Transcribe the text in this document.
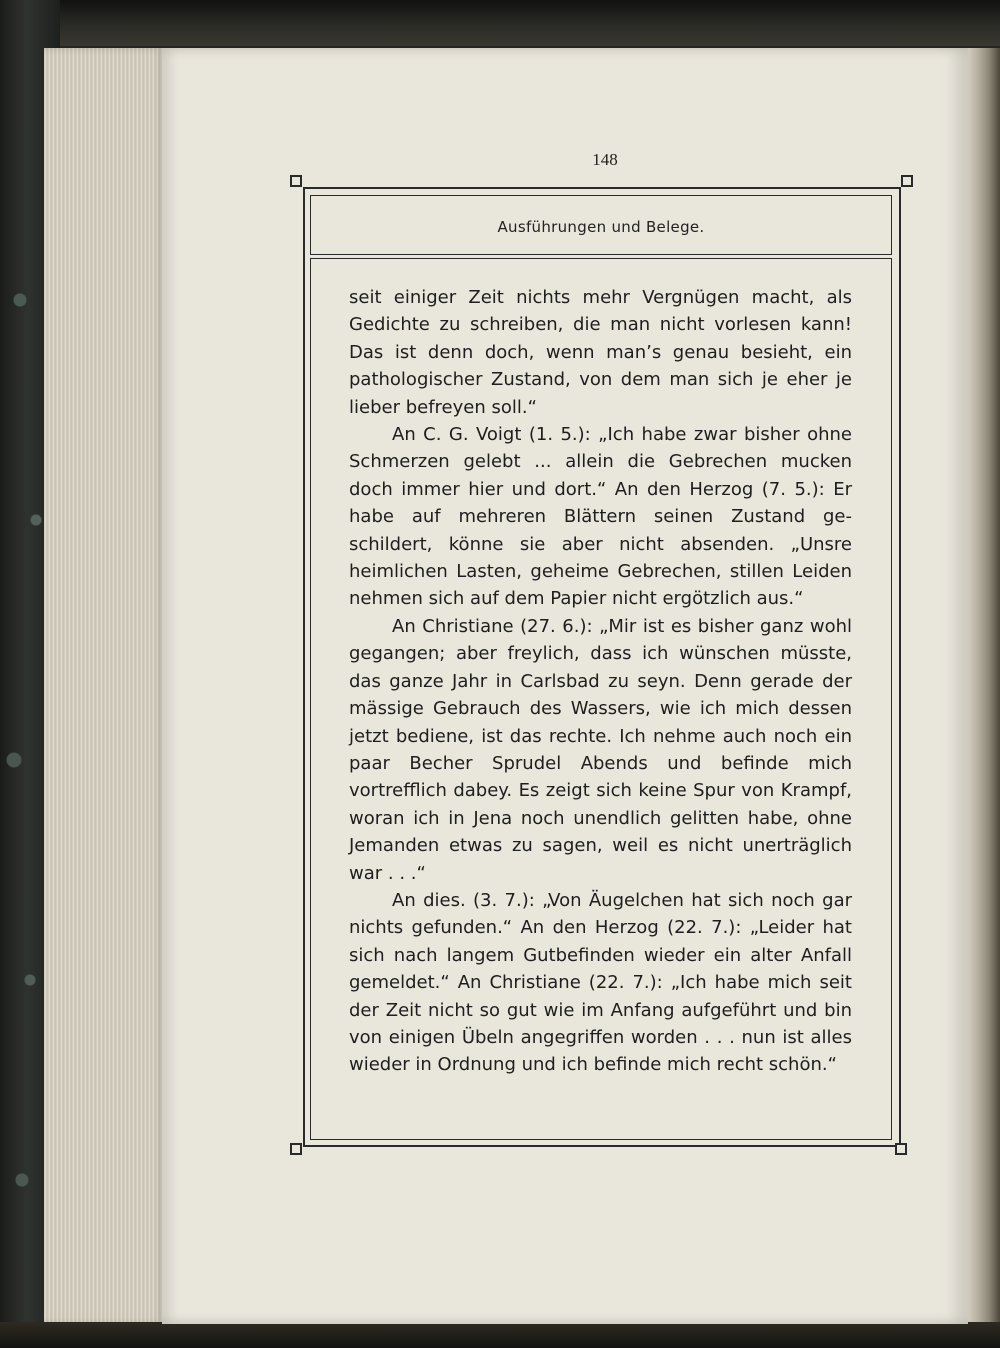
148
Ausführungen und Belege.

seit einiger Zeit nichts mehr Vergnügen macht, als Gedichte zu schreiben, die man nicht vorlesen kann! Das ist denn doch, wenn man’s genau besieht, ein pathologischer Zustand, von dem man sich je eher je lieber befreyen soll.“

An C. G. Voigt (1. 5.): „Ich habe zwar bisher ohne Schmerzen gelebt ... allein die Gebrechen mucken doch immer hier und dort.“ An den Herzog (7. 5.): Er habe auf mehreren Blättern seinen Zustand geschildert, könne sie aber nicht absenden. „Unsre heimlichen Lasten, geheime Gebrechen, stillen Leiden nehmen sich auf dem Papier nicht ergötzlich aus.“

An Christiane (27. 6.): „Mir ist es bisher ganz wohl gegangen; aber freylich, dass ich wünschen müsste, das ganze Jahr in Carlsbad zu seyn. Denn gerade der mässige Gebrauch des Wassers, wie ich mich dessen jetzt bediene, ist das rechte. Ich nehme auch noch ein paar Becher Sprudel Abends und befinde mich vortrefflich dabey. Es zeigt sich keine Spur von Krampf, woran ich in Jena noch unendlich gelitten habe, ohne Jemanden etwas zu sagen, weil es nicht unerträglich war . . .“

An dies. (3. 7.): „Von Äugelchen hat sich noch gar nichts gefunden.“ An den Herzog (22. 7.): „Leider hat sich nach langem Gutbefinden wieder ein alter Anfall gemeldet.“ An Christiane (22. 7.): „Ich habe mich seit der Zeit nicht so gut wie im Anfang aufgeführt und bin von einigen Übeln angegriffen worden . . . nun ist alles wieder in Ordnung und ich befinde mich recht schön.“
